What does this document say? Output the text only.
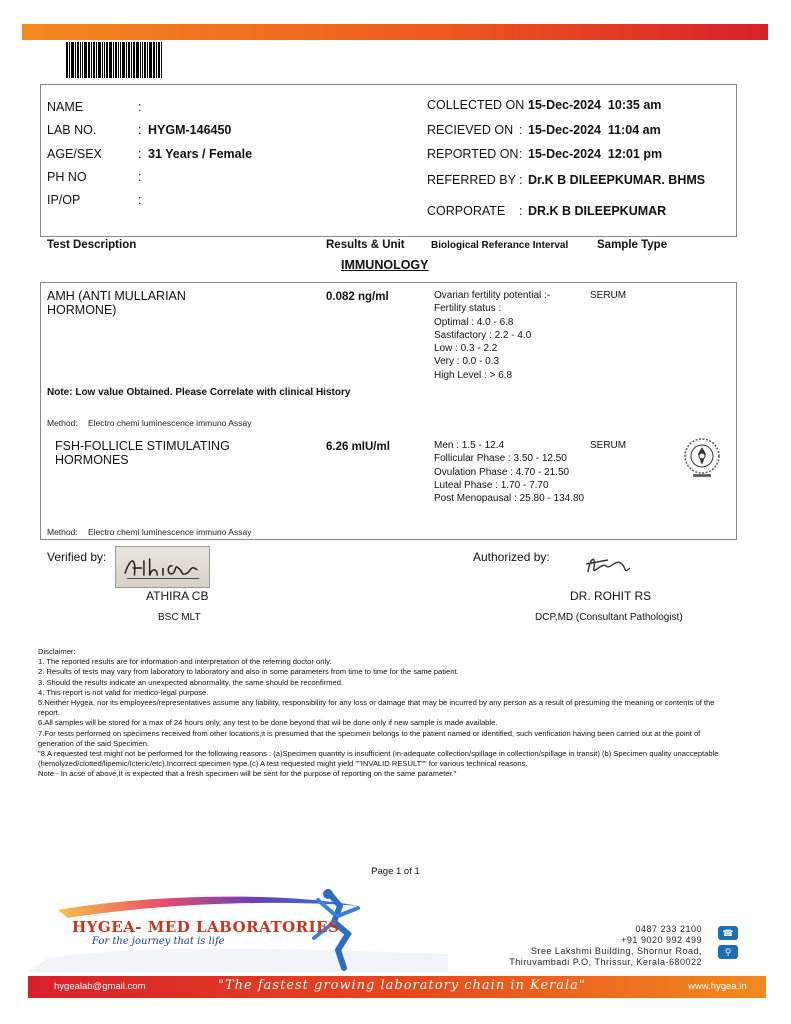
NAME	:
LAB NO.	: HYGM-146450
AGE/SEX	: 31 Years / Female
PH NO	:
IP/OP	:
COLLECTED ON :
15-Dec-2024  10:35 am
RECIEVED ON : 15-Dec-2024  11:04 am
REPORTED ON : 15-Dec-2024  12:01 pm
REFERRED BY : Dr.K B DILEEPKUMAR. BHMS
CORPORATE : DR.K B DILEEPKUMAR
Test Description	Results & Unit	Biological Referance Interval Sample Type
IMMUNOLOGY
AMH (ANTI MULLARIAN HORMONE)
0.082 ng/ml	Ovarian fertility potential :-
Fertility status :
Optimal : 4.0 - 6.8
Sastifactory : 2.2 - 4.0
Low : 0.3 - 2.2
Very : 0.0 - 0.3
High Level : > 6.8
SERUM
Note: Low value Obtained. Please Correlate with clinical History
Method: Electro chemi luminescence immuno Assay
FSH-FOLLICLE STIMULATING HORMONES
6.26 mIU/ml	Men : 1.5 - 12.4
Follicular Phase : 3.50 - 12.50
Ovulation Phase : 4.70 - 21.50
Luteal Phase : 1.70 - 7.70
Post Menopausal : 25.80 - 134.80
SERUM
Method: Electro chemi luminescence immuno Assay
Verified by:
ATHIRA CB
BSC MLT
Authorized by:
DR. ROHIT RS
DCP,MD (Consultant Pathologist)

Disclaimer:

1. The reported results are for information and interpretation of the referring doctor only.

2. Results of tests may vary from laboratory to laboratory and also in some parameters from time to time for the same patient.

3. Should the results indicate an unexpected abnormality, the same should be reconfirmed.

4. This report is not valid for medico-legal purpose.

5.Neither Hygea, nor its employees/representatives assume any liability, responsibility for any loss or damage that may be incurred by any person as a result of presuming the meaning or contents of the report.

6.All samples will be stored for a max of 24 hours only, any test to be done beyond that wil be done only if new sample is made available.

7.For tests performed on specimens received from other locations,it is presumed that the specimen belongs to the patient named or identified, such verification having been carried out at the point of generation of the said Specimen.

"8.A requested test might not be performed for the following reasons : (a)Specimen quantity is insufficient (in-adequate collection/spillage in collection/spillage in transit) (b) Specimen quality unacceptable (hemolyzed/clotted/lipemic/Icteric/etc).Incorrect specimen type.(c) A test requested might yield ""INVALID RESULT"" for various technical reasons.

Note - In acse of above,It is expected that a fresh specimen will be sent for the purpose of reporting on the same parameter."

Page 1 of 1
HYGEA- MED LABORATORIES
For the journey that is life
0487 233 2100
+91 9020 992 499
Sree Lakshmi Building, Shornur Road,
Thiruvambadi P.O, Thrissur, Kerala-680022
☎
⚲
hygealab@gmail.com	"The fastest growing laboratory chain in Kerala"	www.hygea.in
